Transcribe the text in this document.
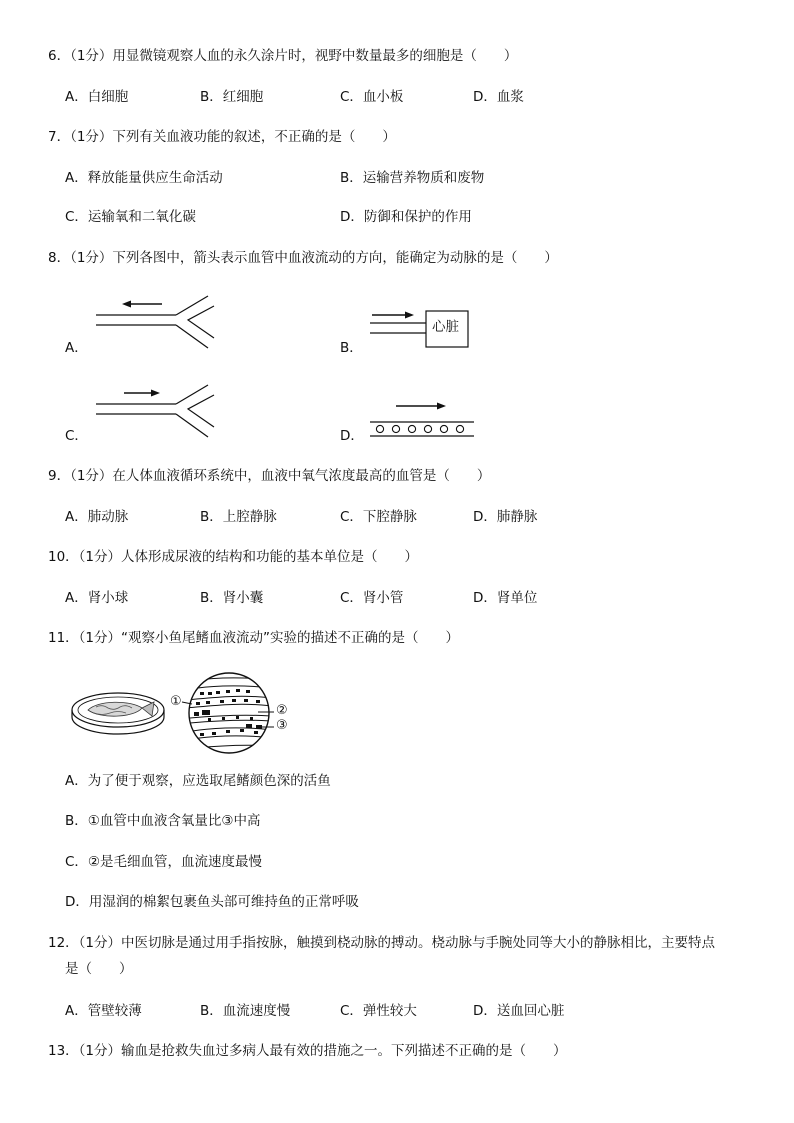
6．（1分）用显微镜观察人血的永久涂片时，视野中数量最多的细胞是（　　）
A．白细胞	B．红细胞	C．血小板	D．血浆
7．（1分）下列有关血液功能的叙述，不正确的是（　　）
A．释放能量供应生命活动	B．运输营养物质和废物
C．运输氧和二氧化碳	D．防御和保护的作用
8．（1分）下列各图中，箭头表示血管中血液流动的方向，能确定为动脉的是（　　）
A．
心脏
B．
C．	D．
9．（1分）在人体血液循环系统中，血液中氧气浓度最高的血管是（　　）
A．肺动脉	B．上腔静脉	C．下腔静脉	D．肺静脉
10．（1分）人体形成尿液的结构和功能的基本单位是（　　）
A．肾小球	B．肾小囊	C．肾小管	D．肾单位
11．（1分）“观察小鱼尾鳍血液流动”实验的描述不正确的是（　　）
①
②
③
A．为了便于观察，应选取尾鳍颜色深的活鱼
B．①血管中血液含氧量比③中高
C．②是毛细血管，血流速度最慢
D．用湿润的棉絮包裹鱼头部可维持鱼的正常呼吸
12．（1分）中医切脉是通过用手指按脉，触摸到桡动脉的搏动。桡动脉与手腕处同等大小的静脉相比，主要特点
是（　　）
A．管壁较薄	B．血流速度慢	C．弹性较大	D．送血回心脏
13．（1分）输血是抢救失血过多病人最有效的措施之一。下列描述不正确的是（　　）
